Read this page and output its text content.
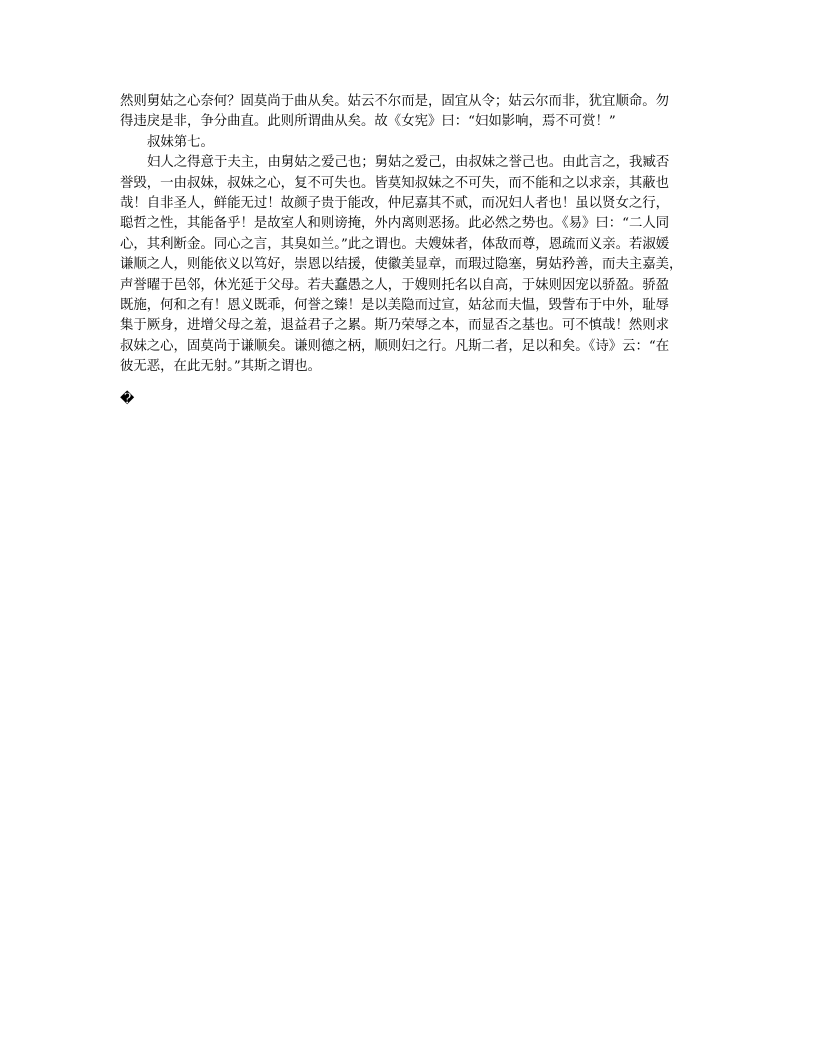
然则舅姑之心奈何？固莫尚于曲从矣。姑云不尔而是，固宜从令；姑云尔而非，犹宜顺命。勿

得违戾是非，争分曲直。此则所谓曲从矣。故《女宪》曰：“妇如影响，焉不可赏！”

叔妹第七。

妇人之得意于夫主，由舅姑之爱己也；舅姑之爱己，由叔妹之誉己也。由此言之，我臧否

誉毁，一由叔妹，叔妹之心，复不可失也。皆莫知叔妹之不可失，而不能和之以求亲，其蔽也

哉！自非圣人，鲜能无过！故颜子贵于能改，仲尼嘉其不贰，而况妇人者也！虽以贤女之行，

聪哲之性，其能备乎！是故室人和则谤掩，外内离则恶扬。此必然之势也。《易》曰：“二人同

心，其利断金。同心之言，其臭如兰。”此之谓也。夫嫂妹者，体敌而尊，恩疏而义亲。若淑媛

谦顺之人，则能依义以笃好，崇恩以结援，使徽美显章，而瑕过隐塞，舅姑矜善，而夫主嘉美，

声誉曜于邑邻，休光延于父母。若夫蠢愚之人，于嫂则托名以自高，于妹则因宠以骄盈。骄盈

既施，何和之有！恩义既乖，何誉之臻！是以美隐而过宣，姑忿而夫愠，毁訾布于中外，耻辱

集于厥身，进增父母之羞，退益君子之累。斯乃荣辱之本，而显否之基也。可不慎哉！然则求

叔妹之心，固莫尚于谦顺矣。谦则德之柄，顺则妇之行。凡斯二者，足以和矣。《诗》云：“在

彼无恶，在此无射。”其斯之谓也。

�
